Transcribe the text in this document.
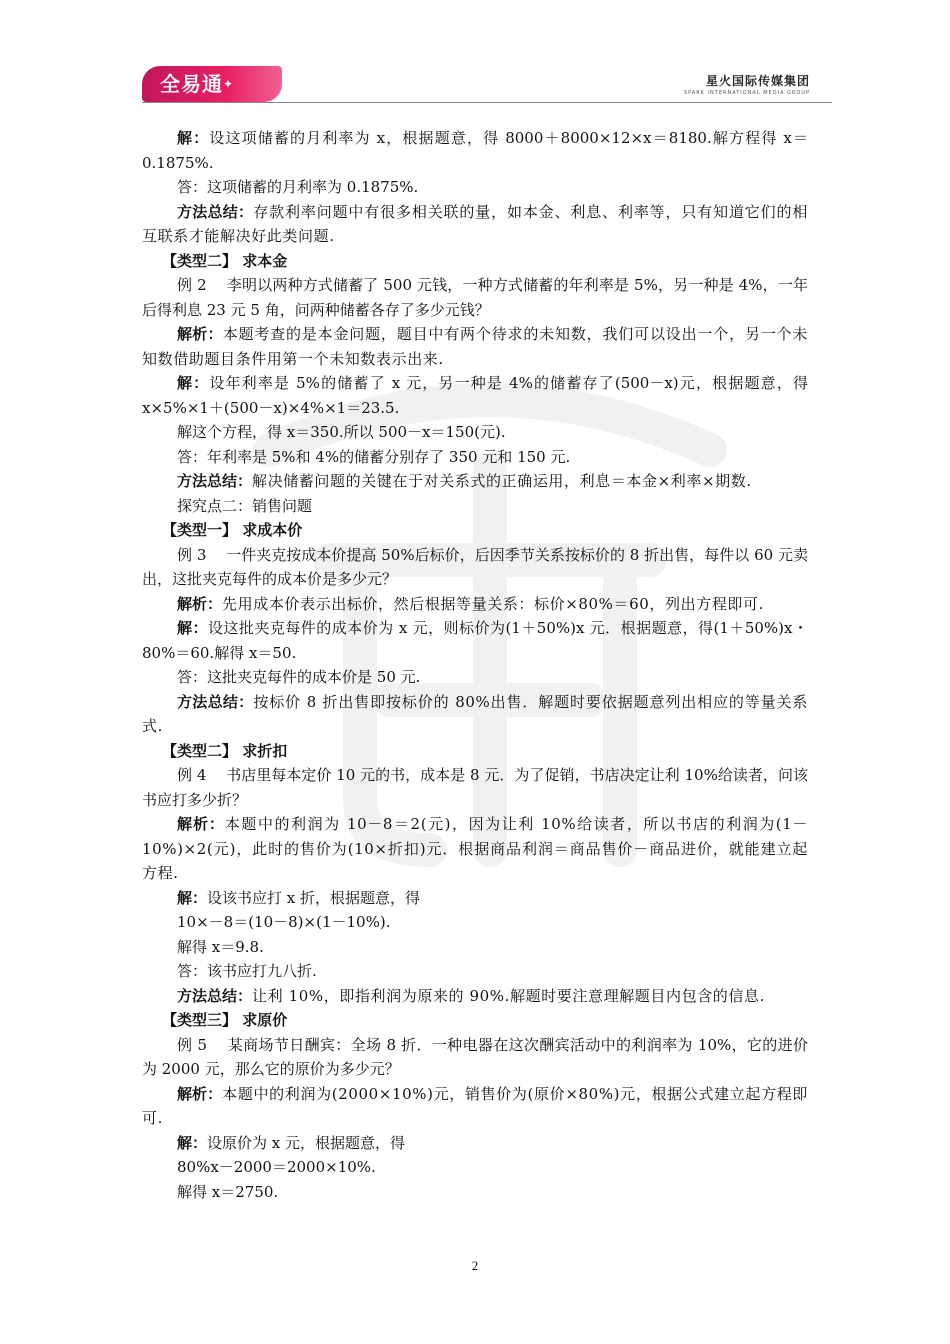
全易通✦	星火国际传媒集团
SPARK INTERNATIONAL MEDIA GROUP

解：设这项储蓄的月利率为 x，根据题意，得 8000＋8000×12×x＝8180.解方程得 x＝0.1875%.

答：这项储蓄的月利率为 0.1875%.

方法总结：存款利率问题中有很多相关联的量，如本金、利息、利率等，只有知道它们的相互联系才能解决好此类问题.

【类型二】 求本金

例 2　 李明以两种方式储蓄了 500 元钱，一种方式储蓄的年利率是 5%，另一种是 4%，一年后得利息 23 元 5 角，问两种储蓄各存了多少元钱？

解析：本题考查的是本金问题，题目中有两个待求的未知数，我们可以设出一个，另一个未知数借助题目条件用第一个未知数表示出来.

解：设年利率是 5%的储蓄了 x 元，另一种是 4%的储蓄存了(500－x)元，根据题意，得 x×5%×1＋(500－x)×4%×1＝23.5.

解这个方程，得 x＝350.所以 500－x＝150(元).

答：年利率是 5%和 4%的储蓄分别存了 350 元和 150 元.

方法总结：解决储蓄问题的关键在于对关系式的正确运用，利息＝本金×利率×期数.

探究点二：销售问题

【类型一】 求成本价

例 3　 一件夹克按成本价提高 50%后标价，后因季节关系按标价的 8 折出售，每件以 60 元卖出，这批夹克每件的成本价是多少元？

解析：先用成本价表示出标价，然后根据等量关系：标价×80%＝60，列出方程即可.

解：设这批夹克每件的成本价为 x 元，则标价为(1＋50%)x 元．根据题意，得(1＋50%)x・80%＝60.解得 x＝50.

答：这批夹克每件的成本价是 50 元.

方法总结：按标价 8 折出售即按标价的 80%出售．解题时要依据题意列出相应的等量关系式.

【类型二】 求折扣

例 4　 书店里每本定价 10 元的书，成本是 8 元．为了促销，书店决定让利 10%给读者，问该书应打多少折？

解析：本题中的利润为 10－8＝2(元)，因为让利 10%给读者，所以书店的利润为(1－10%)×2(元)，此时的售价为(10×折扣)元．根据商品利润＝商品售价－商品进价，就能建立起方程.

解：设该书应打 x 折，根据题意，得

10×－8＝(10－8)×(1－10%).

解得 x＝9.8.

答：该书应打九八折.

方法总结：让利 10%，即指利润为原来的 90%.解题时要注意理解题目内包含的信息.

【类型三】 求原价

例 5　 某商场节日酬宾：全场 8 折．一种电器在这次酬宾活动中的利润率为 10%，它的进价为 2000 元，那么它的原价为多少元？

解析：本题中的利润为(2000×10%)元，销售价为(原价×80%)元，根据公式建立起方程即可.

解：设原价为 x 元，根据题意，得

80%x－2000＝2000×10%.

解得 x＝2750.

2
